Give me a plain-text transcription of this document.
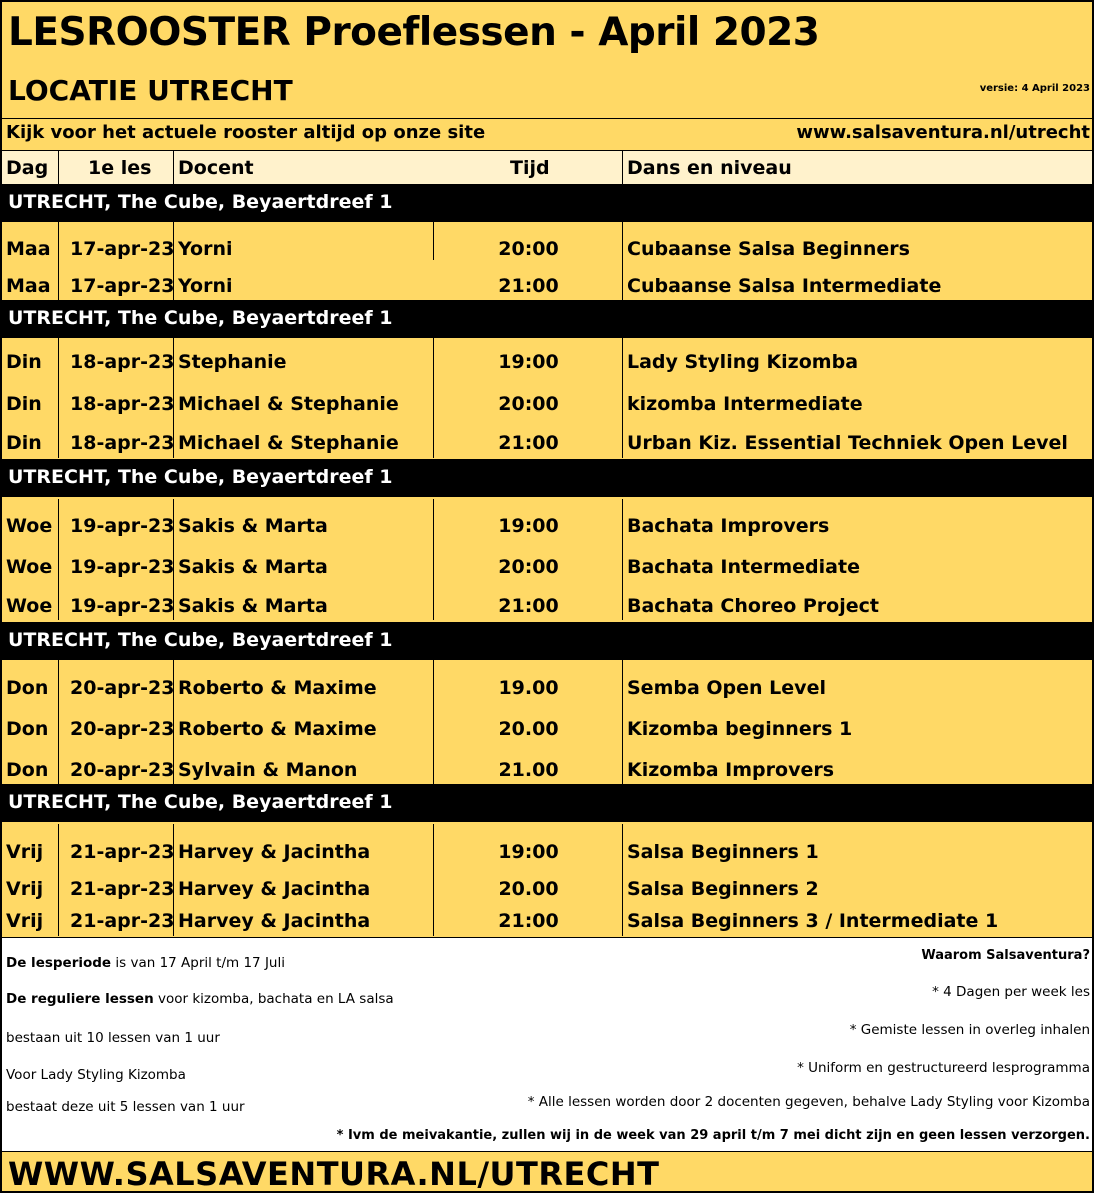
LESROOSTER Proeflessen - April 2023
LOCATIE UTRECHT	versie: 4 April 2023
Kijk voor het actuele rooster altijd op onze site	www.salsaventura.nl/utrecht
Dag 1e les Docent	Tijd	Dans en niveau
UTRECHT, The Cube, Beyaertdreef 1
Maa 17-apr-23 Yorni	20:00	Cubaanse Salsa Beginners
Maa 17-apr-23 Yorni	21:00	Cubaanse Salsa Intermediate
UTRECHT, The Cube, Beyaertdreef 1
Din 18-apr-23 Stephanie	19:00	Lady Styling Kizomba
Din 18-apr-23 Michael & Stephanie	20:00	kizomba Intermediate
Din 18-apr-23 Michael & Stephanie	21:00	Urban Kiz. Essential Techniek Open Level
UTRECHT, The Cube, Beyaertdreef 1
Woe 19-apr-23 Sakis & Marta	19:00	Bachata Improvers
Woe 19-apr-23 Sakis & Marta	20:00	Bachata Intermediate
Woe 19-apr-23 Sakis & Marta	21:00	Bachata Choreo Project
UTRECHT, The Cube, Beyaertdreef 1
Don 20-apr-23 Roberto & Maxime	19.00	Semba Open Level
Don 20-apr-23 Roberto & Maxime	20.00	Kizomba beginners 1
Don 20-apr-23 Sylvain & Manon	21.00	Kizomba Improvers
UTRECHT, The Cube, Beyaertdreef 1
Vrij 21-apr-23 Harvey & Jacintha	19:00	Salsa Beginners 1
Vrij 21-apr-23 Harvey & Jacintha	20.00	Salsa Beginners 2
Vrij 21-apr-23 Harvey & Jacintha	21:00	Salsa Beginners 3 / Intermediate 1
De lesperiode is van 17 April t/m 17 Juli
De reguliere lessen voor kizomba, bachata en LA salsa
bestaan uit 10 lessen van 1 uur
Voor Lady Styling Kizomba
bestaat deze uit 5 lessen van 1 uur
Waarom Salsaventura?
* 4 Dagen per week les
* Gemiste lessen in overleg inhalen
* Uniform en gestructureerd lesprogramma
* Alle lessen worden door 2 docenten gegeven, behalve Lady Styling voor Kizomba
* Ivm de meivakantie, zullen wij in de week van 29 april t/m 7 mei dicht zijn en geen lessen verzorgen.
WWW.SALSAVENTURA.NL/UTRECHT
